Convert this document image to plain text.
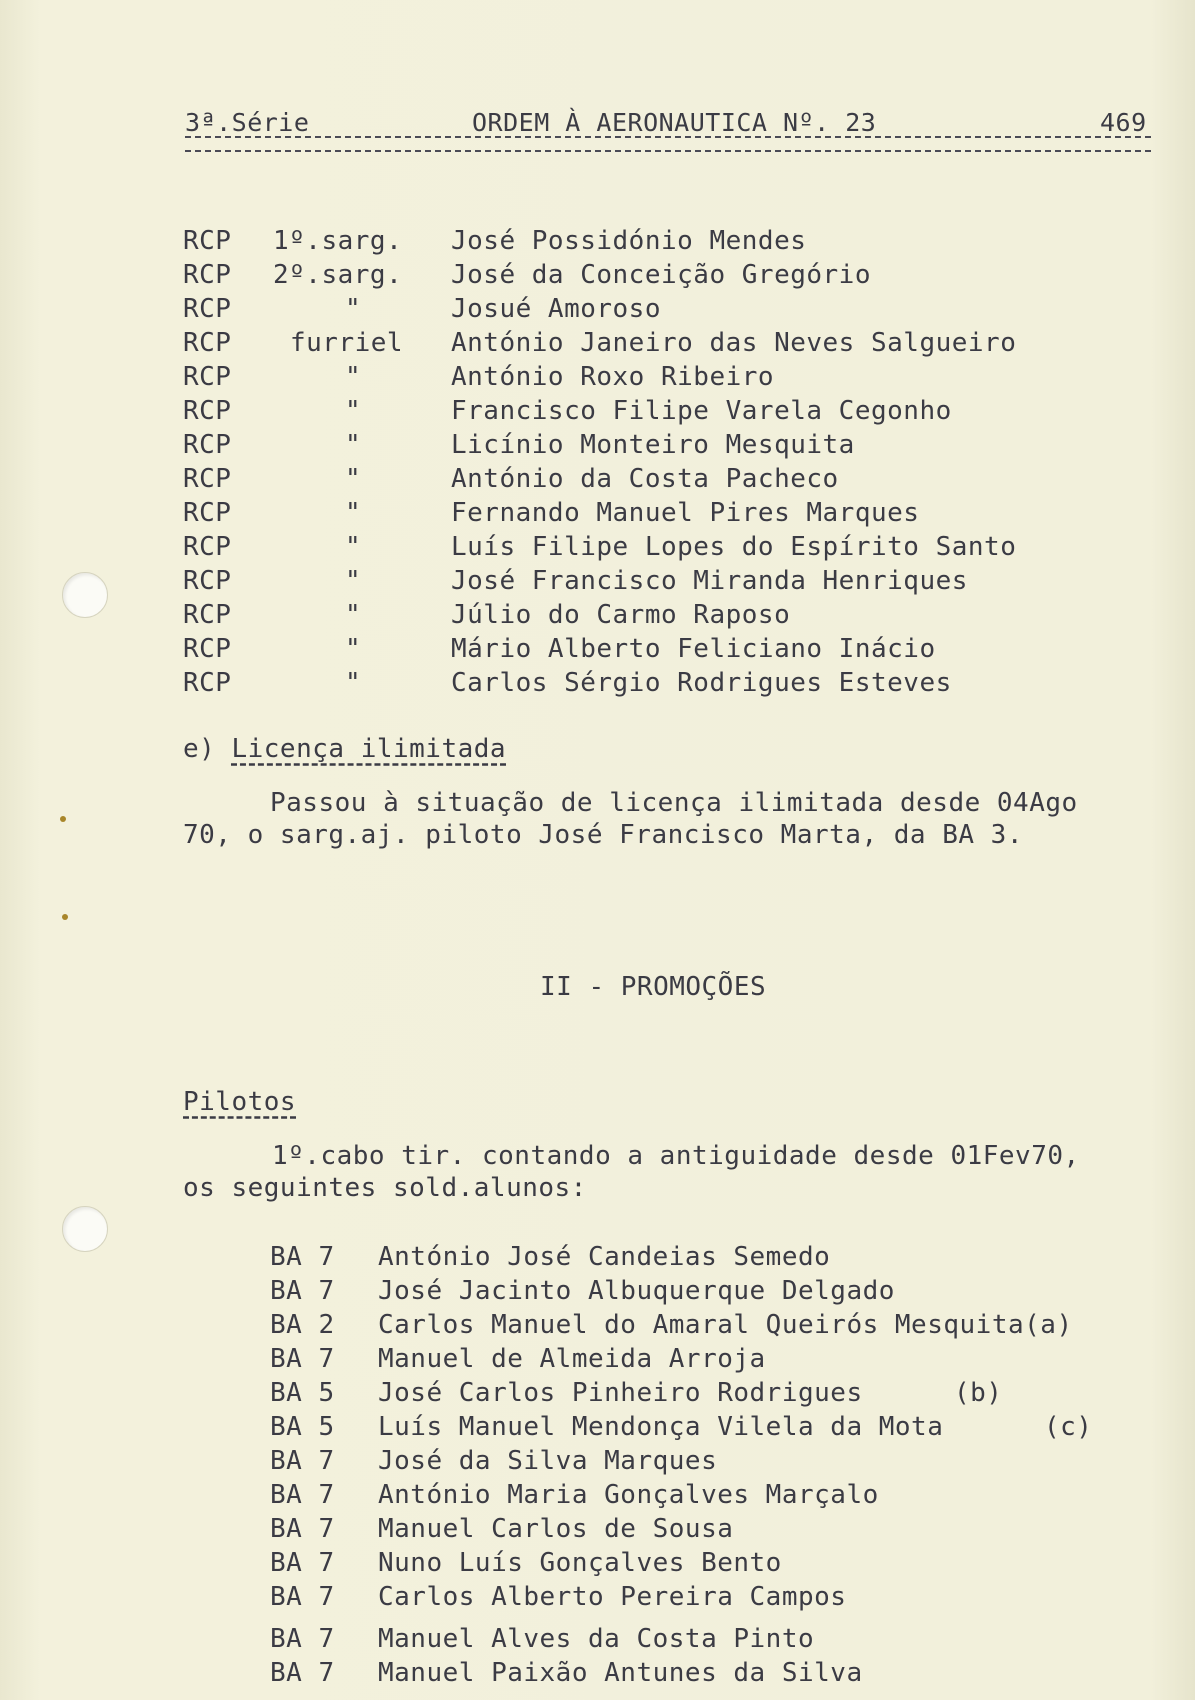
3ª.Série	ORDEM À AERONAUTICA Nº. 23	469
RCP 1º.sarg. José Possidónio Mendes
RCP 2º.sarg. José da Conceição Gregório
RCP	"	Josué Amoroso
RCP furriel António Janeiro das Neves Salgueiro
RCP	"	António Roxo Ribeiro
RCP	"	Francisco Filipe Varela Cegonho
RCP	"	Licínio Monteiro Mesquita
RCP	"	António da Costa Pacheco
RCP	"	Fernando Manuel Pires Marques
RCP	"	Luís Filipe Lopes do Espírito Santo
RCP	"	José Francisco Miranda Henriques
RCP	"	Júlio do Carmo Raposo
RCP	"	Mário Alberto Feliciano Inácio
RCP	"	Carlos Sérgio Rodrigues Esteves
e) Licença ilimitada
Passou à situação de licença ilimitada desde 04Ago
70, o sarg.aj. piloto José Francisco Marta, da BA 3.
II - PROMOÇÕES
Pilotos
1º.cabo tir. contando a antiguidade desde 01Fev70,
os seguintes sold.alunos:
BA 7 António José Candeias Semedo
BA 7 José Jacinto Albuquerque Delgado
BA 2 Carlos Manuel do Amaral Queirós Mesquita(a)
BA 7 Manuel de Almeida Arroja
BA 5 José Carlos Pinheiro Rodrigues	(b)
BA 5 Luís Manuel Mendonça Vilela da Mota	(c)
BA 7 José da Silva Marques
BA 7 António Maria Gonçalves Marçalo
BA 7 Manuel Carlos de Sousa
BA 7 Nuno Luís Gonçalves Bento
BA 7 Carlos Alberto Pereira Campos
BA 7 Manuel Alves da Costa Pinto
BA 7 Manuel Paixão Antunes da Silva
